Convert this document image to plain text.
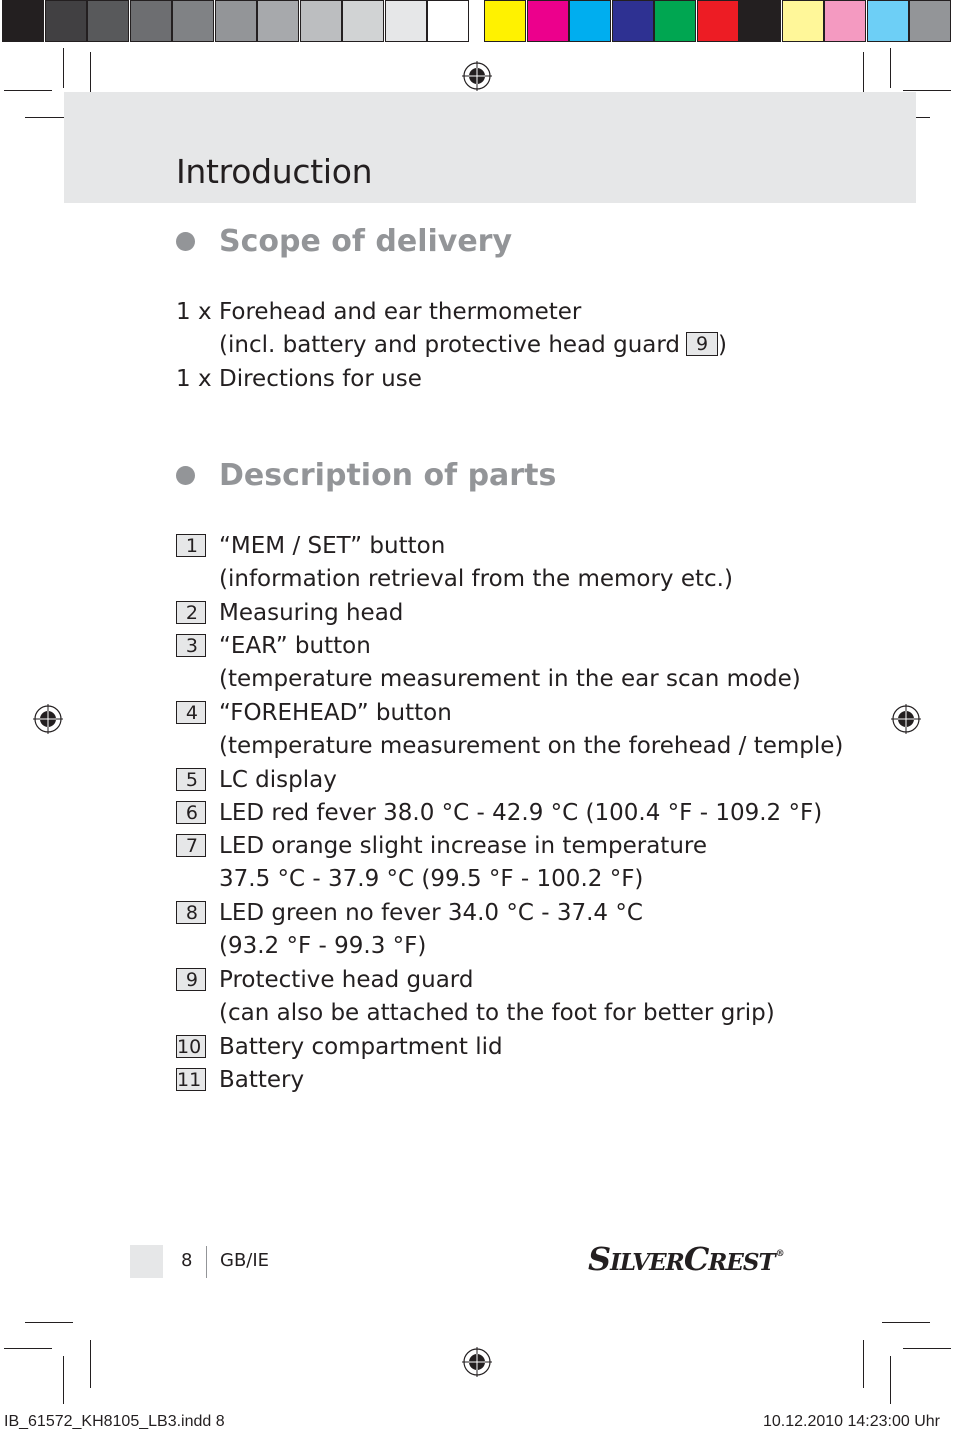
Introduction
Scope of delivery
1 x Forehead and ear thermometer
(incl. battery and protective head guard 9 )
1 x Directions for use
Description of parts
1 “MEM / SET” button
(information retrieval from the memory etc.)
2 Measuring head
3 “EAR” button
(temperature measurement in the ear scan mode)
4 “FOREHEAD” button
(temperature measurement on the forehead / temple)
5 LC display
6 LED red fever 38.0 °C - 42.9 °C (100.4 °F - 109.2 °F)
7 LED orange slight increase in temperature
37.5 °C - 37.9 °C (99.5 °F - 100.2 °F)
8 LED green no fever 34.0 °C - 37.4 °C
(93.2 °F - 99.3 °F)
9 Protective head guard
(can also be attached to the foot for better grip)
10 Battery compartment lid
11 Battery
8 GB/IE	SILVERCREST®
IB_61572_KH8105_LB3.indd 8	10.12.2010 14:23:00 Uhr
